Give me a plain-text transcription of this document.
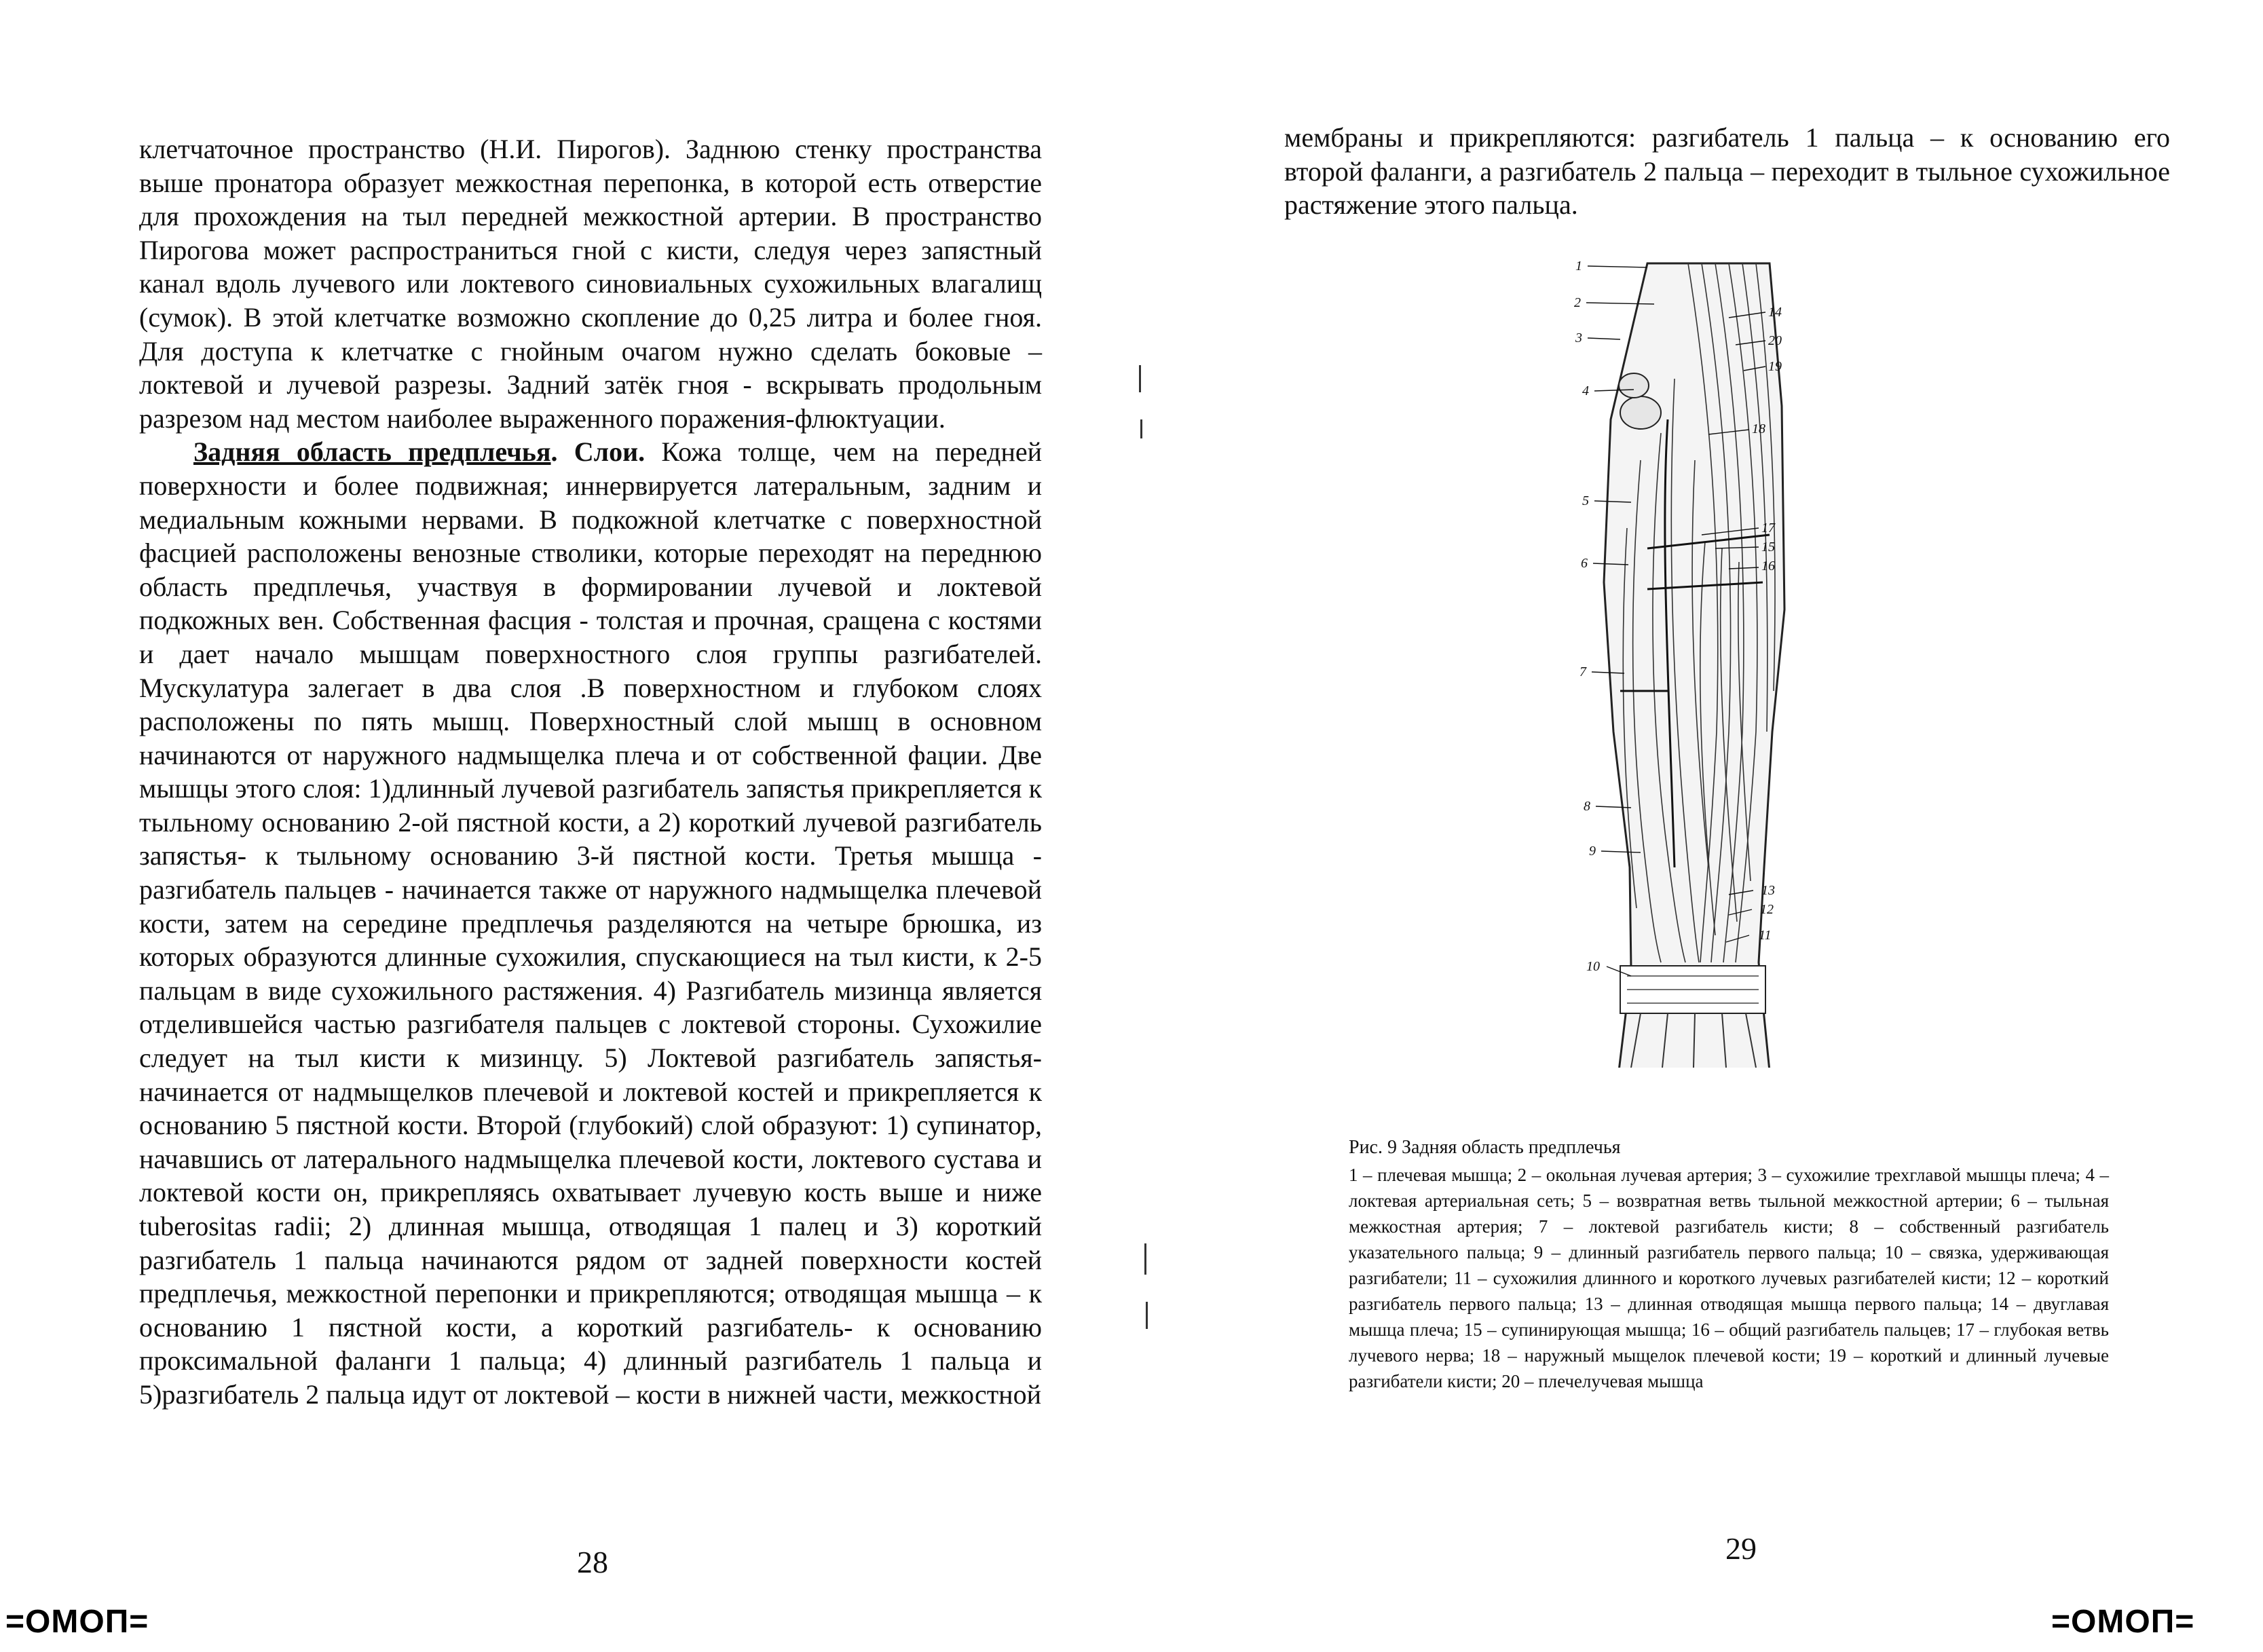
клетчаточное пространство (Н.И. Пирогов). Заднюю стенку пространства выше пронатора образует межкостная перепонка, в которой есть отверстие для прохождения на тыл передней межкостной артерии. В пространство Пирогова может распространиться гной с кисти, следуя через запястный канал вдоль лучевого или локтевого синовиальных сухожильных влагалищ (сумок). В этой клетчатке возможно скопление до 0,25 литра и более гноя. Для доступа к клетчатке с гнойным очагом нужно сделать боковые – локтевой и лучевой разрезы. Задний затёк гноя - вскрывать продольным разрезом над местом наиболее выраженного поражения-флюктуации.

Задняя область предплечья. Слои. Кожа толще, чем на передней поверхности и более подвижная; иннервируется латеральным, задним и медиальным кожными нервами. В подкожной клетчатке с поверхностной фасцией расположены венозные стволики, которые переходят на переднюю область предплечья, участвуя в формировании лучевой и локтевой подкожных вен. Собственная фасция - толстая и прочная, сращена с костями и дает начало мышцам поверхностного слоя группы разгибателей. Мускулатура залегает в два слоя .В поверхностном и глубоком слоях расположены по пять мышц. Поверхностный слой мышц в основном начинаются от наружного надмыщелка плеча и от собственной фации. Две мышцы этого слоя: 1)длинный лучевой разгибатель запястья прикрепляется к тыльному основанию 2-ой пястной кости, а 2) короткий лучевой разгибатель запястья- к тыльному основанию 3-й пястной кости. Третья мышца - разгибатель пальцев - начинается также от наружного надмыщелка плечевой кости, затем на середине предплечья разделяются на четыре брюшка, из которых образуются длинные сухожилия, спускающиеся на тыл кисти, к 2-5 пальцам в виде сухожильного растяжения. 4) Разгибатель мизинца является отделившейся частью разгибателя пальцев с локтевой стороны. Сухожилие следует на тыл кисти к мизинцу. 5) Локтевой разгибатель запястья- начинается от надмыщелков плечевой и локтевой костей и прикрепляется к основанию 5 пястной кости. Второй (глубокий) слой образуют: 1) супинатор, начавшись от латерального надмыщелка плечевой кости, локтевого сустава и локтевой кости он, прикрепляясь охватывает лучевую кость выше и ниже tuberositas radii; 2) длинная мышца, отводящая 1 палец и 3) короткий разгибатель 1 пальца начинаются рядом от задней поверхности костей предплечья, межкостной перепонки и прикрепляются; отводящая мышца – к основанию 1 пястной кости, а короткий разгибатель- к основанию проксимальной фаланги 1 пальца; 4) длинный разгибатель 1 пальца и 5)разгибатель 2 пальца идут от локтевой – кости в нижней части, межкостной

28
=ОМОП=

мембраны и прикрепляются: разгибатель 1 пальца – к основанию его второй фаланги, а разгибатель 2 пальца – переходит в тыльное сухожильное растяжение этого пальца.

1
2
3
4
5
6
7
8
9
10
11
12
13
14
15
16
17
18
19
20
Рис. 9 Задняя область предплечья
1 – плечевая мышца; 2 – окольная лучевая артерия; 3 – сухожилие трехглавой мышцы плеча; 4 – локтевая артериальная сеть; 5 – возвратная ветвь тыльной межкостной артерии; 6 – тыльная межкостная артерия; 7 – локтевой разгибатель кисти; 8 – собственный разгибатель указательного пальца; 9 – длинный разгибатель первого пальца; 10 – связка, удерживающая разгибатели; 11 – сухожилия длинного и короткого лучевых разгибателей кисти; 12 – короткий разгибатель первого пальца; 13 – длинная отводящая мышца первого пальца; 14 – двуглавая мышца плеча; 15 – супинирующая мышца; 16 – общий разгибатель пальцев; 17 – глубокая ветвь лучевого нерва; 18 – наружный мыщелок плечевой кости; 19 – короткий и длинный лучевые разгибатели кисти; 20 – плечелучевая мышца
29
=ОМОП=
